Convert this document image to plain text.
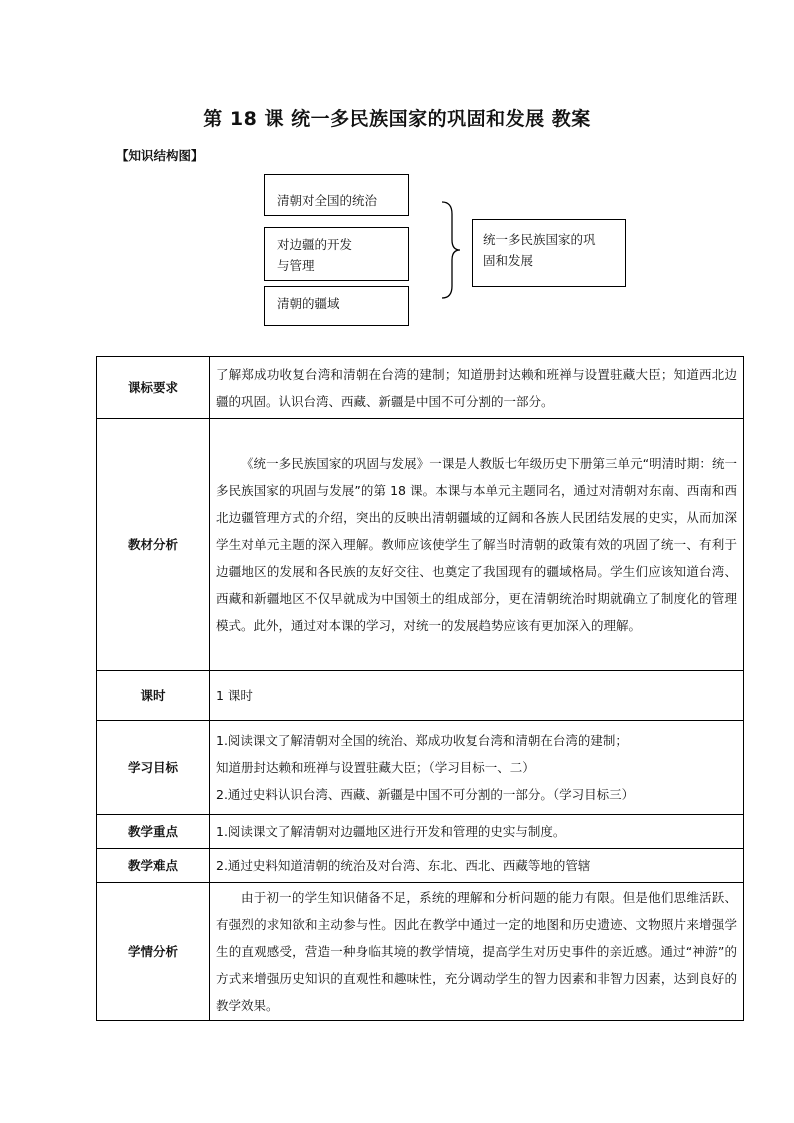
第 18 课 统一多民族国家的巩固和发展 教案
【知识结构图】
清朝对全国的统治
对边疆的开发
与管理
清朝的疆域
统一多民族国家的巩
固和发展
课标要求	了解郑成功收复台湾和清朝在台湾的建制；知道册封达赖和班禅与设置驻藏大臣；知道西北边疆的巩固。认识台湾、西藏、新疆是中国不可分割的一部分。

教材分析	《统一多民族国家的巩固与发展》一课是人教版七年级历史下册第三单元“明清时期：统一多民族国家的巩固与发展”的第 18 课。本课与本单元主题同名，通过对清朝对东南、西南和西北边疆管理方式的介绍，突出的反映出清朝疆域的辽阔和各族人民团结发展的史实，从而加深学生对单元主题的深入理解。教师应该使学生了解当时清朝的政策有效的巩固了统一、有利于边疆地区的发展和各民族的友好交往、也奠定了我国现有的疆域格局。学生们应该知道台湾、西藏和新疆地区不仅早就成为中国领土的组成部分，更在清朝统治时期就确立了制度化的管理模式。此外，通过对本课的学习，对统一的发展趋势应该有更加深入的理解。

课时	1 课时

学习目标	1.阅读课文了解清朝对全国的统治、郑成功收复台湾和清朝在台湾的建制；

知道册封达赖和班禅与设置驻藏大臣；（学习目标一、二）

2.通过史料认识台湾、西藏、新疆是中国不可分割的一部分。（学习目标三）

教学重点	1.阅读课文了解清朝对边疆地区进行开发和管理的史实与制度。

教学难点	2.通过史料知道清朝的统治及对台湾、东北、西北、西藏等地的管辖

学情分析	由于初一的学生知识储备不足，系统的理解和分析问题的能力有限。但是他们思维活跃、有强烈的求知欲和主动参与性。因此在教学中通过一定的地图和历史遗迹、文物照片来增强学生的直观感受，营造一种身临其境的教学情境，提高学生对历史事件的亲近感。通过“神游”的方式来增强历史知识的直观性和趣味性，充分调动学生的智力因素和非智力因素，达到良好的教学效果。
